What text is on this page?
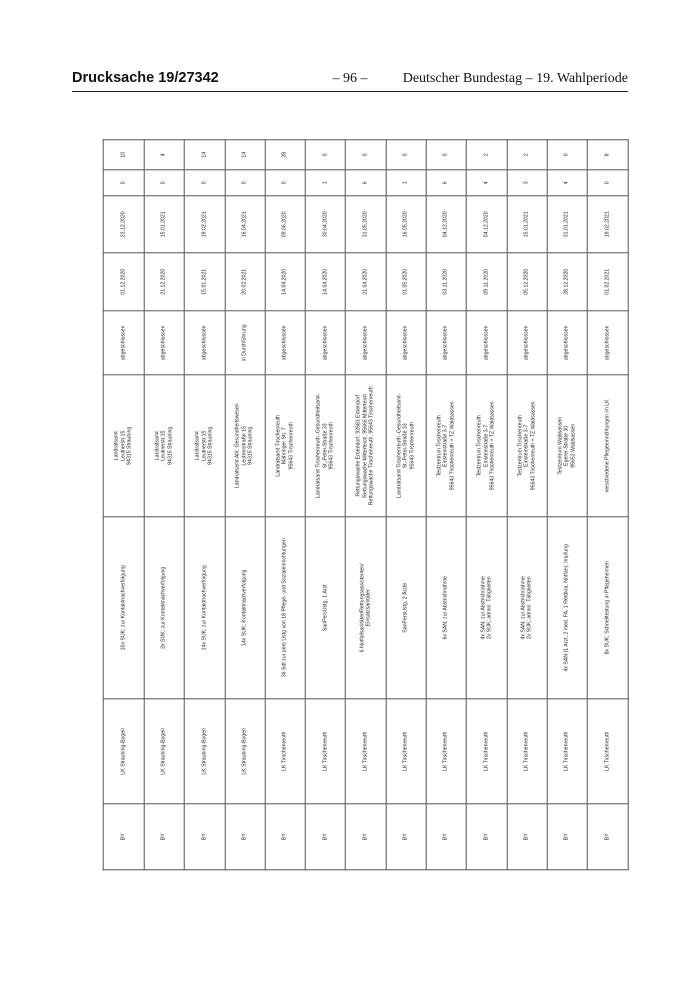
Drucksache 19/27342	– 96 –	Deutscher Bundestag – 19. Wahlperiode
BY	LK Straubing-Bogen	10x SUK; zur Kontaktnachverfolgung	Landratsamt
Leutnerstr.15
94315 Straubing	abgeschlossen	01.12.2020	23.12.2020	0	10
BY	LK Straubing-Bogen	2x SUK; zur Kontaktnachverfolgung	Landratsamt
Leutnerstr.15
94315 Straubing	abgeschlossen	21.12.2020	15.01.2021	0	4
BY	LK Straubing-Bogen	14x SUK; zur Kontaktnachverfolgung	Landratsamt
Leutnerstr.15
94315 Straubing	abgeschlossen	15.01.2021	19.02.2021	0	14
BY	LK Straubing-Bogen	14x SUK; Kontaktnachverfolgung	Landratsamt Abt. Gesundheitswesen
Leutnerstraße 15
94315 Straubing	in Durchführung	20.02.2021	16.04.2021	0	14
BY	LK Tirschenreuth	36 Sdt zur pers Ustg von 18 Pflege- und Sozialeinrichtungen	Landratsamt Tirschenreuth
Mähringer Str. 7
95643 Tirschenreuth	abgeschlossen	14.04.2020	09.06.2020	0	28
BY	LK Tirschenreuth	SanPersUstg, 1 Arzt	Landratsamt Tirschenreuth -Gesundheitsamt-
St.-Peter-Straße 33
95643 Tirschenreuth	abgeschlossen	14.04.2020	30.04.2020	1	0
BY	LK Tirschenreuth	6 Notfallsanitäter/Rettungsassistenten/
Einsatzsanitäter	Rettungswache Erbendorf, 92681 Erbendorf
Rettungswache Mitterteich, 95666 Mitterteich
Rettungswache Tirschenreuth, 95643 Tirschenreuth	abgeschlossen	21.04.2020	31.05.2020	6	0
BY	LK Tirschenreuth	SanPersUstg, 2 Ärzte	Landratsamt Tirschenreuth -Gesundheitsamt-
St.-Peter-Straße 33
95643 Tirschenreuth	abgeschlossen	01.05.2020	16.05.2020	1	0
BY	LK Tirschenreuth	6x SAN; zur Abstrichnahme	Testzentrum Tirschenreuth
Einsteinstraße 3-7
95643 Tirschenreuth + TZ Waldsassen	abgeschlossen	03.11.2020	04.12.2020	6	0
BY	LK Tirschenreuth	4x SAN; zur Abstrichnahme
2x SUK; admin. Tätigkeiten	Testzentrum Tirschenreuth
Einsteinstraße 3-7
95643 Tirschenreuth + TZ Waldsassen	abgeschlossen	09.11.2020	04.12.2020	4	2
BY	LK Tirschenreuth	4x SAN; zur Abstrichnahme
2x SUK; admin. Tätigkeiten	Testzentrum Tirschenreuth
Einsteinstraße 3-7
95643 Tirschenreuth + TZ Waldsassen	abgeschlossen	05.12.2020	15.01.2021	3	2
BY	LK Tirschenreuth	4x SAN (1 Arzt, 2 med. FA, 1 Retdkra, Notfan); Impfung	Testzentrum Waldsassen
Egerer-Straße 30
95652 Waldsassen	abgeschlossen	28.12.2020	31.01.2021	4	0
BY	LK Tirschenreuth	8x SUK; Schnelltestung in Pflegeheimen	verschiedene Pflegeeinrichtungen im LK	abgeschlossen	01.02.2021	19.02.2021	0	8
